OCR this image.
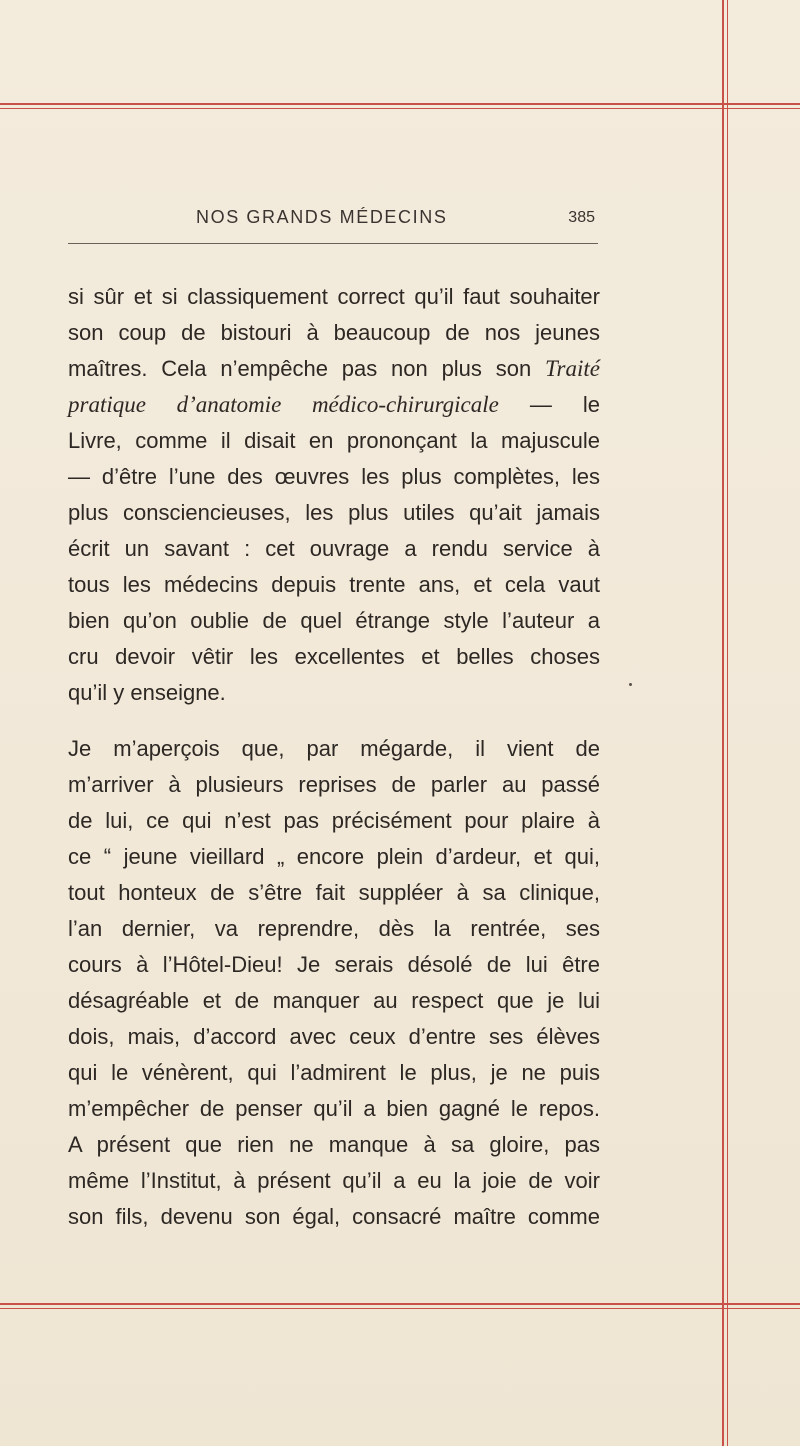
NOS GRANDS MÉDECINS	385
si sûr et si classiquement correct qu’il faut souhaiter
son coup de bistouri à beaucoup de nos jeunes
maîtres. Cela n’empêche pas non plus son Traité
pratique d’anatomie médico-chirurgicale — le
Livre, comme il disait en prononçant la majuscule
— d’être l’une des œuvres les plus complètes, les
plus consciencieuses, les plus utiles qu’ait jamais
écrit un savant : cet ouvrage a rendu service à
tous les médecins depuis trente ans, et cela vaut
bien qu’on oublie de quel étrange style l’auteur a
cru devoir vêtir les excellentes et belles choses
qu’il y enseigne.
Je m’aperçois que, par mégarde, il vient de
m’arriver à plusieurs reprises de parler au passé
de lui, ce qui n’est pas précisément pour plaire à
ce “ jeune vieillard „ encore plein d’ardeur, et qui,
tout honteux de s’être fait suppléer à sa clinique,
l’an dernier, va reprendre, dès la rentrée, ses
cours à l’Hôtel-Dieu! Je serais désolé de lui être
désagréable et de manquer au respect que je lui
dois, mais, d’accord avec ceux d’entre ses élèves
qui le vénèrent, qui l’admirent le plus, je ne puis
m’empêcher de penser qu’il a bien gagné le repos.
A présent que rien ne manque à sa gloire, pas
même l’Institut, à présent qu’il a eu la joie de voir
son fils, devenu son égal, consacré maître comme
